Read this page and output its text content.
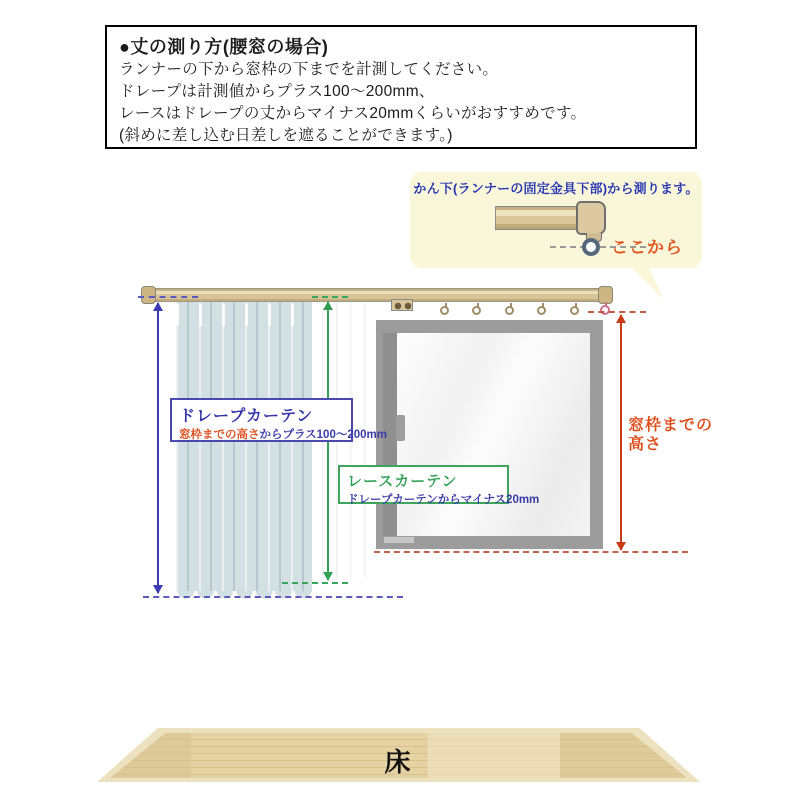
●丈の測り方(腰窓の場合)
ランナーの下から窓枠の下までを計測してください。
ドレープは計測値からプラス100〜200mm、
レースはドレープの丈からマイナス20mmくらいがおすすめです。
(斜めに差し込む日差しを遮ることができます。)
かん下(ランナーの固定金具下部)から測ります。
ここから
ドレープカーテン
窓枠までの高さからプラス100〜200mm
レースカーテン
ドレープカーテンからマイナス20mm
窓枠までの
高さ
床
